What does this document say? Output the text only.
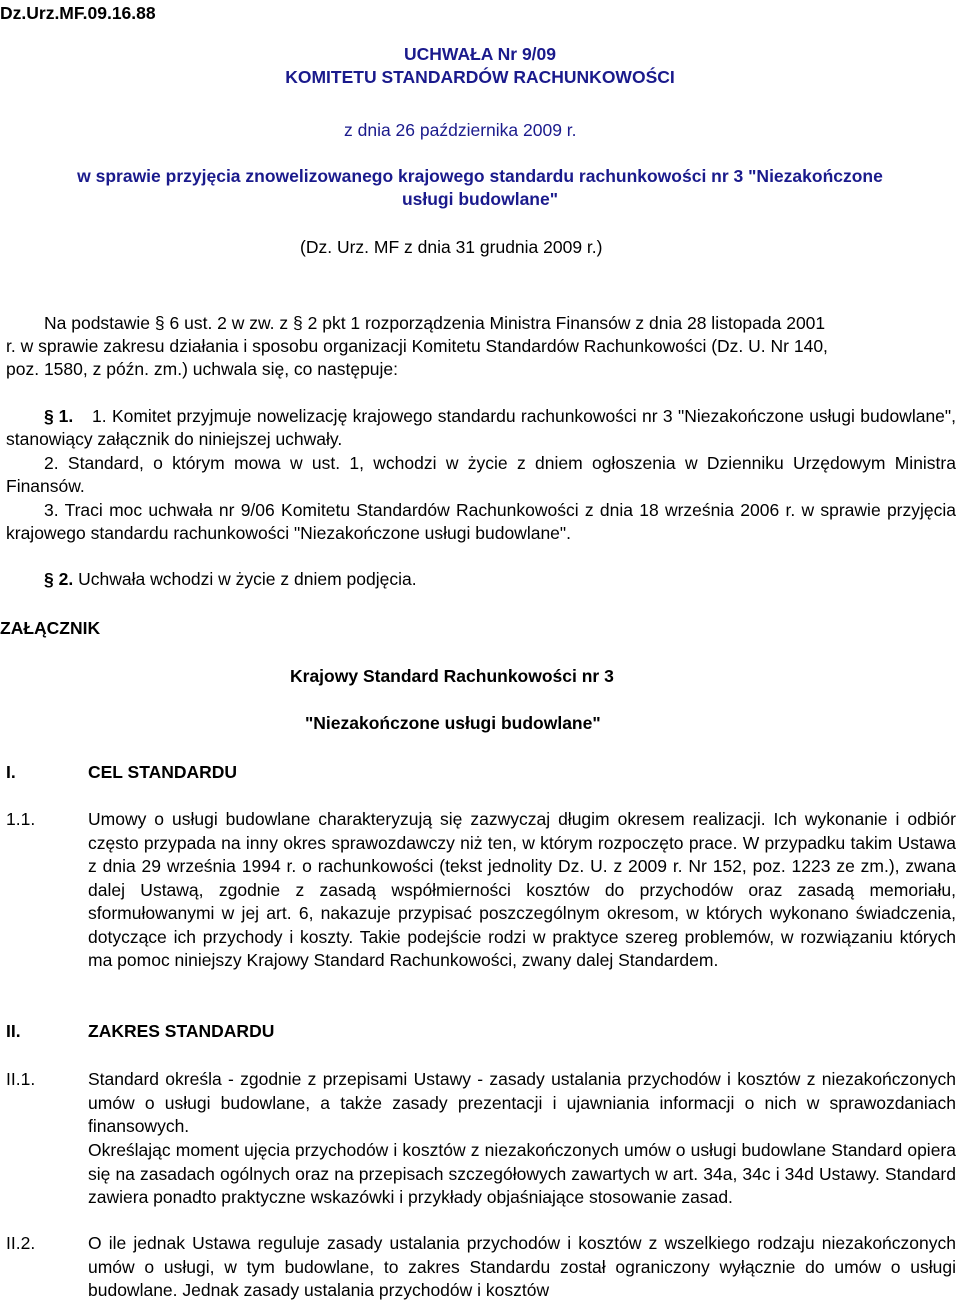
Dz.Urz.MF.09.16.88
UCHWAŁA Nr 9/09
KOMITETU STANDARDÓW RACHUNKOWOŚCI
z dnia 26 października 2009 r.
w sprawie przyjęcia znowelizowanego krajowego standardu rachunkowości nr 3 "Niezakończone
usługi budowlane"
(Dz. Urz. MF z dnia 31 grudnia 2009 r.)
Na podstawie § 6 ust. 2 w zw. z § 2 pkt 1 rozporządzenia Ministra Finansów z dnia 28 listopada 2001
r. w sprawie zakresu działania i sposobu organizacji Komitetu Standardów Rachunkowości (Dz. U. Nr 140,
poz. 1580, z późn. zm.) uchwala się, co następuje:
§ 1.	1. Komitet przyjmuje nowelizację krajowego standardu rachunkowości nr 3 "Niezakończone usługi budowlane", stanowiący załącznik do niniejszej uchwały.
2. Standard, o którym mowa w ust. 1, wchodzi w życie z dniem ogłoszenia w Dzienniku Urzędowym Ministra Finansów.
3. Traci moc uchwała nr 9/06 Komitetu Standardów Rachunkowości z dnia 18 września 2006 r. w sprawie przyjęcia krajowego standardu rachunkowości "Niezakończone usługi budowlane".
§ 2. Uchwała wchodzi w życie z dniem podjęcia.
ZAŁĄCZNIK
Krajowy Standard Rachunkowości nr 3
"Niezakończone usługi budowlane"
I.	CEL STANDARDU
1.1.	Umowy o usługi budowlane charakteryzują się zazwyczaj długim okresem realizacji. Ich wykonanie i odbiór często przypada na inny okres sprawozdawczy niż ten, w którym rozpoczęto prace. W przypadku takim Ustawa z dnia 29 września 1994 r. o rachunkowości (tekst jednolity Dz. U. z 2009 r. Nr 152, poz. 1223 ze zm.), zwana dalej Ustawą, zgodnie z zasadą współmierności kosztów do przychodów oraz zasadą memoriału, sformułowanymi w jej art. 6, nakazuje przypisać poszczególnym okresom, w których wykonano świadczenia, dotyczące ich przychody i koszty. Takie podejście rodzi w praktyce szereg problemów, w rozwiązaniu których ma pomoc niniejszy Krajowy Standard Rachunkowości, zwany dalej Standardem.
II.	ZAKRES STANDARDU
II.1.	Standard określa - zgodnie z przepisami Ustawy - zasady ustalania przychodów i kosztów z niezakończonych umów o usługi budowlane, a także zasady prezentacji i ujawniania informacji o nich w sprawozdaniach finansowych.
Określając moment ujęcia przychodów i kosztów z niezakończonych umów o usługi budowlane Standard opiera się na zasadach ogólnych oraz na przepisach szczegółowych zawartych w art. 34a, 34c i 34d Ustawy. Standard zawiera ponadto praktyczne wskazówki i przykłady objaśniające stosowanie zasad.
II.2.	O ile jednak Ustawa reguluje zasady ustalania przychodów i kosztów z wszelkiego rodzaju niezakończonych umów o usługi, w tym budowlane, to zakres Standardu został ograniczony wyłącznie do umów o usługi budowlane. Jednak zasady ustalania przychodów i kosztów
